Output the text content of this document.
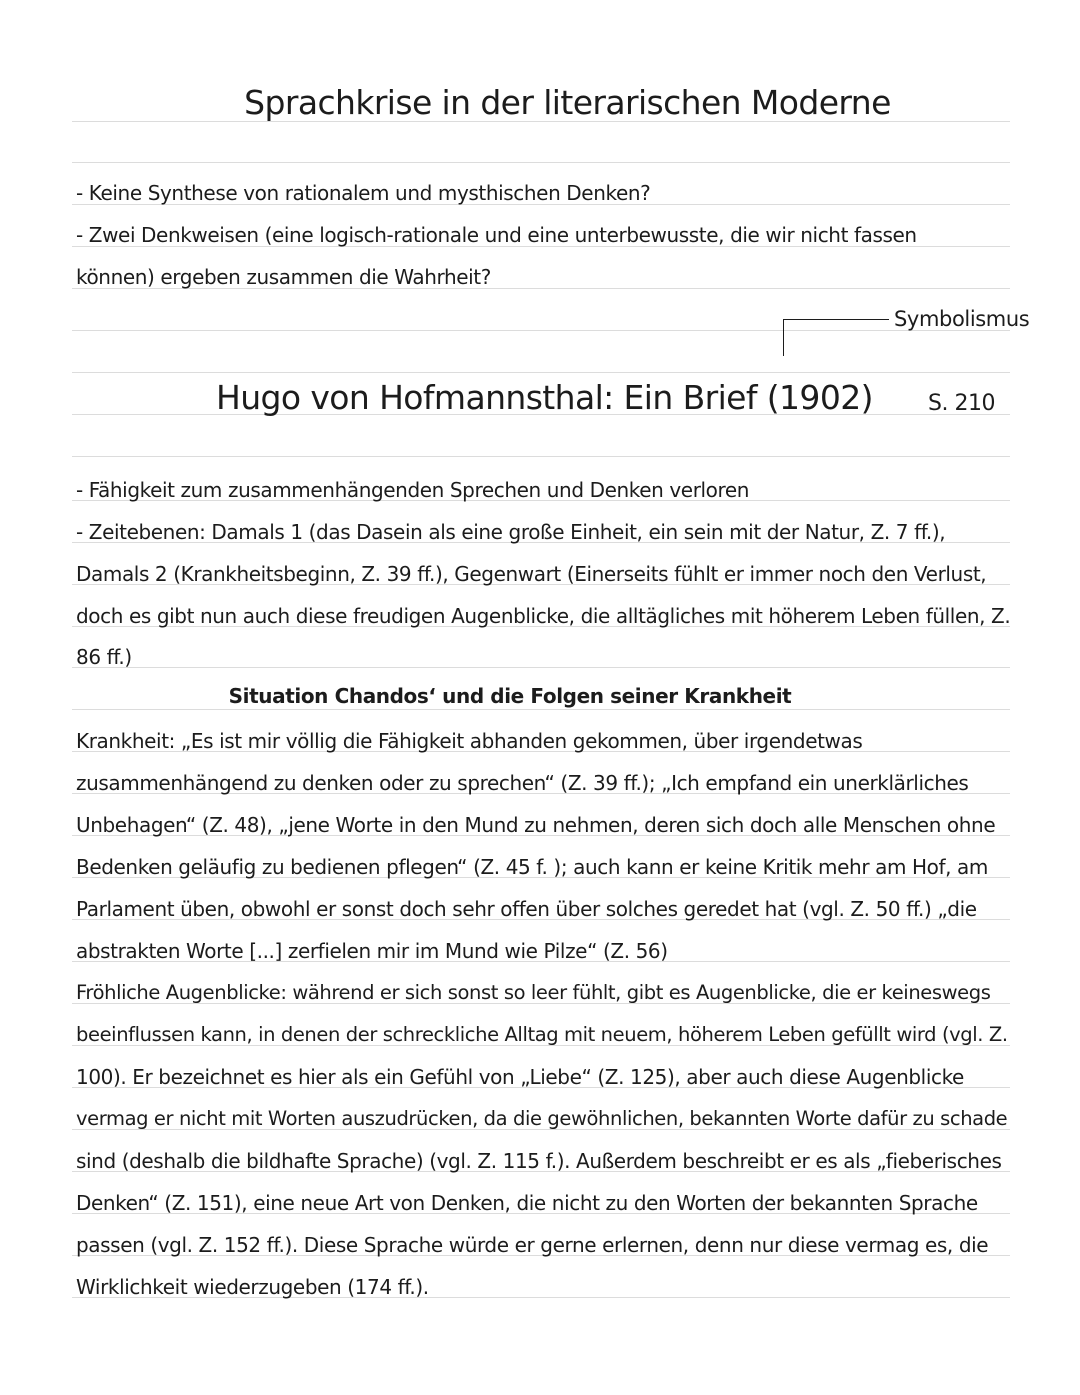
Sprachkrise in der literarischen Moderne
- Keine Synthese von rationalem und mysthischen Denken?
- Zwei Denkweisen (eine logisch-rationale und eine unterbewusste, die wir nicht fassen
können) ergeben zusammen die Wahrheit?
Symbolismus
Hugo von Hofmannsthal: Ein Brief (1902)	S. 210
- Fähigkeit zum zusammenhängenden Sprechen und Denken verloren
- Zeitebenen: Damals 1 (das Dasein als eine große Einheit, ein sein mit der Natur, Z. 7 ff.),
Damals 2 (Krankheitsbeginn, Z. 39 ff.), Gegenwart (Einerseits fühlt er immer noch den Verlust,
doch es gibt nun auch diese freudigen Augenblicke, die alltägliches mit höherem Leben füllen, Z.
86 ff.)
Situation Chandos‘ und die Folgen seiner Krankheit
Krankheit: „Es ist mir völlig die Fähigkeit abhanden gekommen, über irgendetwas
zusammenhängend zu denken oder zu sprechen“ (Z. 39 ff.); „Ich empfand ein unerklärliches
Unbehagen“ (Z. 48), „jene Worte in den Mund zu nehmen, deren sich doch alle Menschen ohne
Bedenken geläufig zu bedienen pflegen“ (Z. 45 f. ); auch kann er keine Kritik mehr am Hof, am
Parlament üben, obwohl er sonst doch sehr offen über solches geredet hat (vgl. Z. 50 ff.) „die
abstrakten Worte [...] zerfielen mir im Mund wie Pilze“ (Z. 56)
Fröhliche Augenblicke: während er sich sonst so leer fühlt, gibt es Augenblicke, die er keineswegs
beeinflussen kann, in denen der schreckliche Alltag mit neuem, höherem Leben gefüllt wird (vgl. Z.
100). Er bezeichnet es hier als ein Gefühl von „Liebe“ (Z. 125), aber auch diese Augenblicke
vermag er nicht mit Worten auszudrücken, da die gewöhnlichen, bekannten Worte dafür zu schade
sind (deshalb die bildhafte Sprache) (vgl. Z. 115 f.). Außerdem beschreibt er es als „fieberisches
Denken“ (Z. 151), eine neue Art von Denken, die nicht zu den Worten der bekannten Sprache
passen (vgl. Z. 152 ff.). Diese Sprache würde er gerne erlernen, denn nur diese vermag es, die
Wirklichkeit wiederzugeben (174 ff.).
